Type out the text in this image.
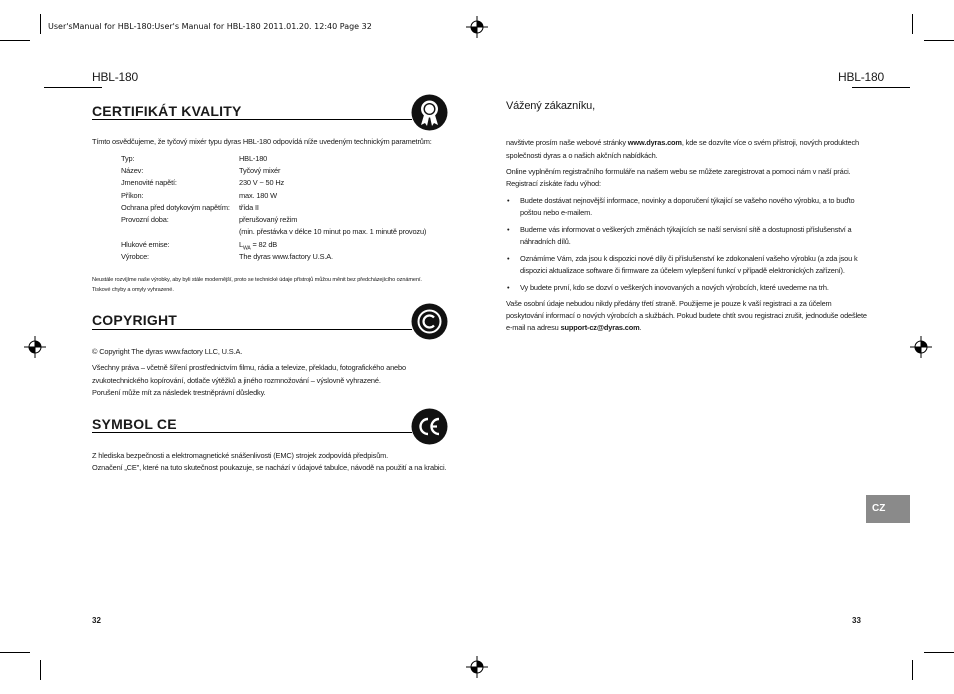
User'sManual for HBL-180:User's Manual for HBL-180 2011.01.20. 12:40 Page 32
HBL-180
CERTIFIKÁT KVALITY
Tímto osvědčujeme, že tyčový mixér typu dyras HBL-180 odpovídá níže uvedeným technickým parametrům:
Typ:	HBL-180
Název:	Tyčový mixér
Jmenovité napětí:	230 V ~ 50 Hz
Příkon:	max. 180 W
Ochrana před dotykovým napětím: třída II
Provozní doba:	přerušovaný režim
(min. přestávka v délce 10 minut po max. 1 minutě provozu)
Hlukové emise:	$L_{WA} = 82$ dB
Výrobce:	The dyras www.factory U.S.A.
Neustále rozvíjíme naše výrobky, aby byli stále modernější, proto se technické údaje přístrojů můžou měnit bez předcházejícího oznámení.
Tiskové chyby a omyly vyhrazené.
COPYRIGHT
© Copyright The dyras www.factory LLC, U.S.A.
Všechny práva – včetně šíření prostřednictvím filmu, rádia a televize, překladu, fotografického anebo
zvukotechnického kopírování, dotlače výtěžků a jiného rozmnožování – výslovně vyhrazené.
Porušení může mít za následek trestněprávní důsledky.
SYMBOL CE
Z hlediska bezpečnosti a elektromagnetické snášenlivosti (EMC) strojek zodpovídá předpisům.
Označení „CE", které na tuto skutečnost poukazuje, se nachází v údajové tabulce, návodě na použití a na krabici.
32
HBL-180
Vážený zákazníku,
navštivte prosím naše webové stránky www.dyras.com, kde se dozvíte více o svém přístroji, nových produktech
společnosti dyras a o našich akčních nabídkách.
Online vyplněním registračního formuláře na našem webu se můžete zaregistrovat a pomoci nám v naší práci.
Registrací získáte řadu výhod:
• Budete dostávat nejnovější informace, novinky a doporučení týkající se vašeho nového výrobku, a to buďto
poštou nebo e-mailem.
• Budeme vás informovat o veškerých změnách týkajících se naší servisní sítě a dostupnosti příslušenství a
náhradních dílů.
• Oznámíme Vám, zda jsou k dispozici nové díly či příslušenství ke zdokonalení vašeho výrobku (a zda jsou k
dispozici aktualizace software či firmware za účelem vylepšení funkcí v případě elektronických zařízení).
• Vy budete první, kdo se dozví o veškerých inovovaných a nových výrobcích, které uvedeme na trh.
Vaše osobní údaje nebudou nikdy předány třetí straně. Použijeme je pouze k vaší registraci a za účelem
poskytování informací o nových výrobcích a službách. Pokud budete chtít svou registraci zrušit, jednoduše odešlete
e-mail na adresu support-cz@dyras.com.
CZ
33
